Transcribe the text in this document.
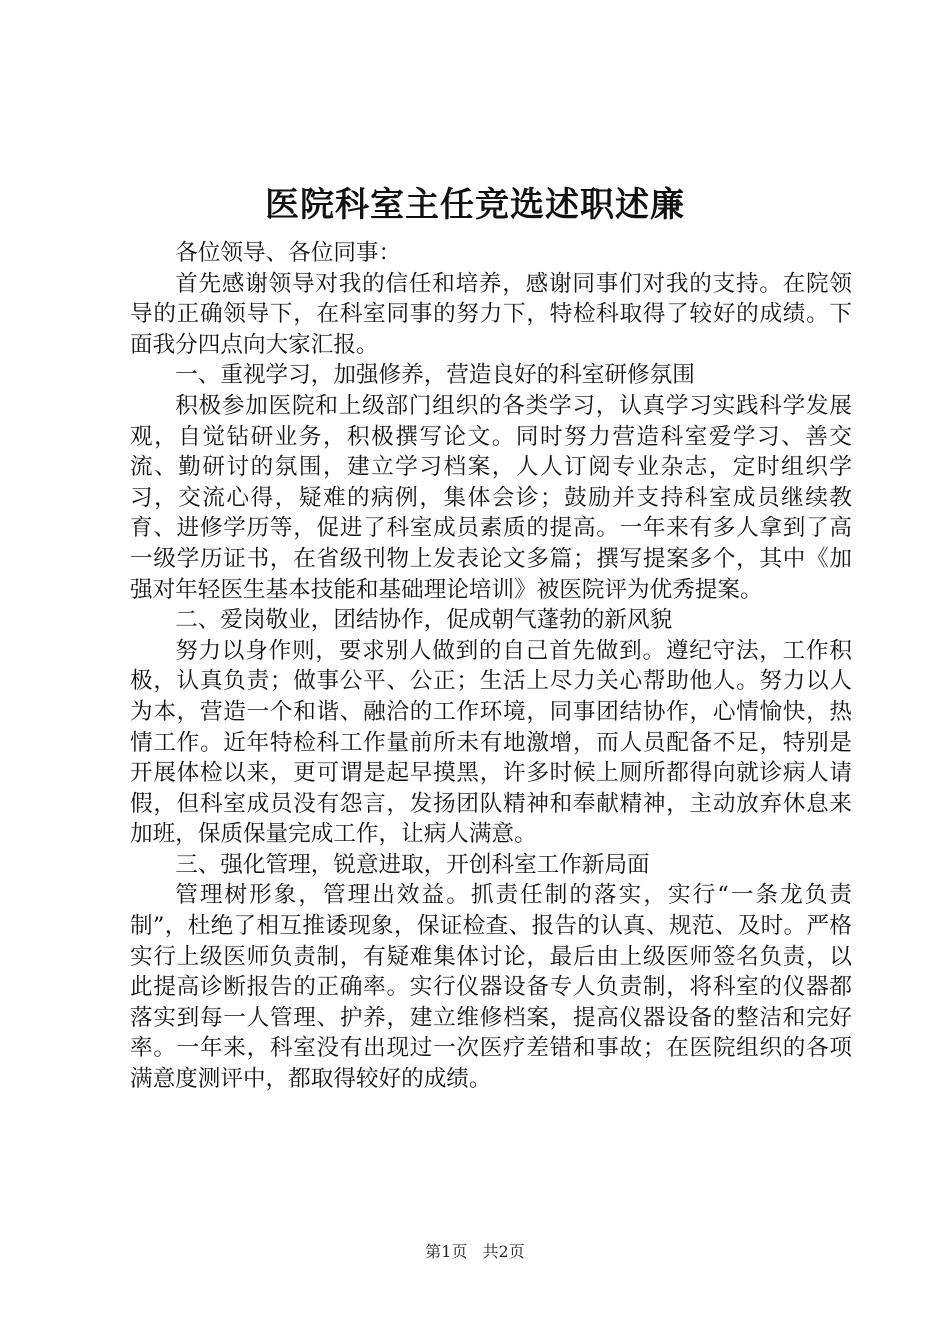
医院科室主任竞选述职述廉

各位领导、各位同事：

首先感谢领导对我的信任和培养，感谢同事们对我的支持。在院领导的正确领导下，在科室同事的努力下，特检科取得了较好的成绩。下面我分四点向大家汇报。

一、重视学习，加强修养，营造良好的科室研修氛围

积极参加医院和上级部门组织的各类学习，认真学习实践科学发展观，自觉钻研业务，积极撰写论文。同时努力营造科室爱学习、善交流、勤研讨的氛围，建立学习档案，人人订阅专业杂志，定时组织学习，交流心得，疑难的病例，集体会诊；鼓励并支持科室成员继续教育、进修学历等，促进了科室成员素质的提高。一年来有多人拿到了高一级学历证书，在省级刊物上发表论文多篇；撰写提案多个，其中《加强对年轻医生基本技能和基础理论培训》被医院评为优秀提案。

二、爱岗敬业，团结协作，促成朝气蓬勃的新风貌

努力以身作则，要求别人做到的自己首先做到。遵纪守法，工作积极，认真负责；做事公平、公正；生活上尽力关心帮助他人。努力以人为本，营造一个和谐、融洽的工作环境，同事团结协作，心情愉快，热情工作。近年特检科工作量前所未有地激增，而人员配备不足，特别是开展体检以来，更可谓是起早摸黑，许多时候上厕所都得向就诊病人请假，但科室成员没有怨言，发扬团队精神和奉献精神，主动放弃休息来加班，保质保量完成工作，让病人满意。

三、强化管理，锐意进取，开创科室工作新局面

管理树形象，管理出效益。抓责任制的落实，实行“一条龙负责制”，杜绝了相互推诿现象，保证检查、报告的认真、规范、及时。严格实行上级医师负责制，有疑难集体讨论，最后由上级医师签名负责，以此提高诊断报告的正确率。实行仪器设备专人负责制，将科室的仪器都落实到每一人管理、护养，建立维修档案，提高仪器设备的整洁和完好率。一年来，科室没有出现过一次医疗差错和事故；在医院组织的各项满意度测评中，都取得较好的成绩。

第1页 共2页
